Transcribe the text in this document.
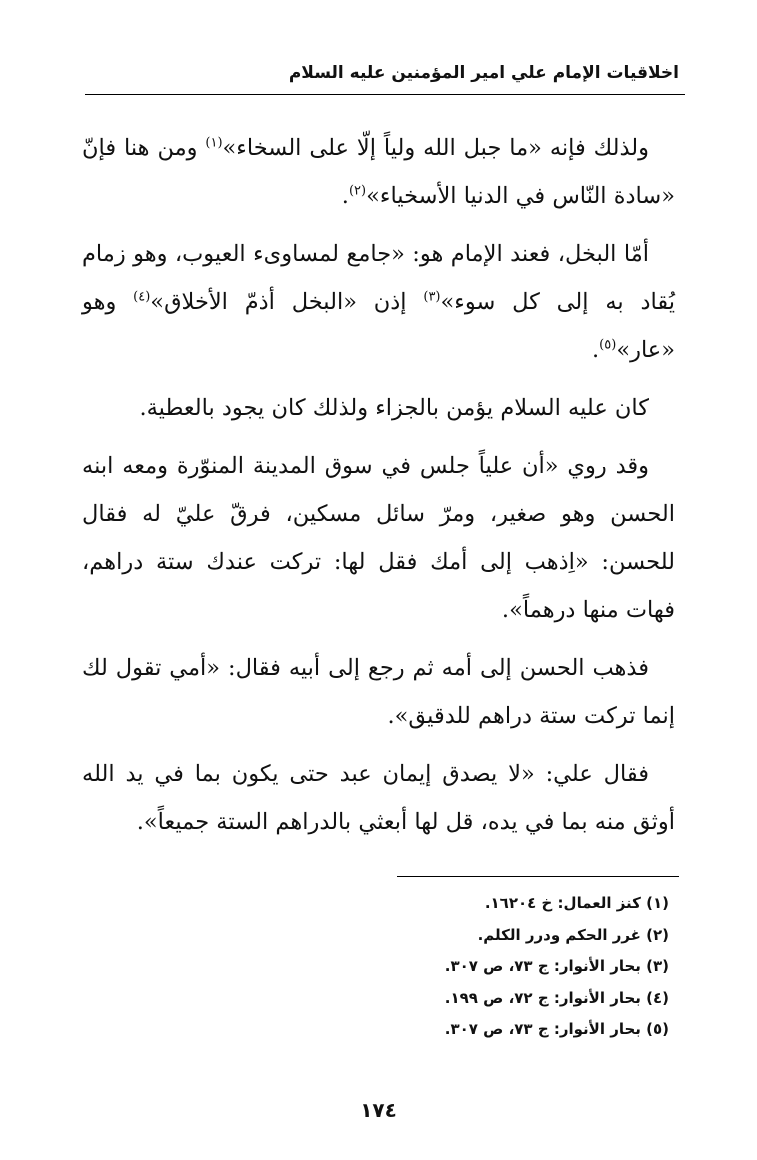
اخلاقيات الإمام علي امير المؤمنين عليه السلام

ولذلك فإنه «ما جبل الله ولياً إلّا على السخاء»$^{(١)}$ ومن هنا فإنّ «سادة النّاس في الدنيا الأسخياء»$^{(٢)}$.

أمّا البخل، فعند الإمام هو: «جامع لمساوىء العيوب، وهو زمام يُقاد به إلى كل سوء»$^{(٣)}$ إذن «البخل أذمّ الأخلاق»$^{(٤)}$ وهو «عار»$^{(٥)}$.

كان عليه السلام يؤمن بالجزاء ولذلك كان يجود بالعطية.

وقد روي «أن علياً جلس في سوق المدينة المنوّرة ومعه ابنه الحسن وهو صغير، ومرّ سائل مسكين، فرقّ عليّ له فقال للحسن: «اِذهب إلى أمك فقل لها: تركت عندك ستة دراهم، فهات منها درهماً».

فذهب الحسن إلى أمه ثم رجع إلى أبيه فقال: «أمي تقول لك إنما تركت ستة دراهم للدقيق».

فقال علي: «لا يصدق إيمان عبد حتى يكون بما في يد الله أوثق منه بما في يده، قل لها أبعثي بالدراهم الستة جميعاً».

(١) كنز العمال: خ ١٦٢٠٤.
(٢) غرر الحكم ودرر الكلم.
(٣) بحار الأنوار: ج ٧٣، ص ٣٠٧.
(٤) بحار الأنوار: ج ٧٢، ص ١٩٩.
(٥) بحار الأنوار: ج ٧٣، ص ٣٠٧.
١٧٤
